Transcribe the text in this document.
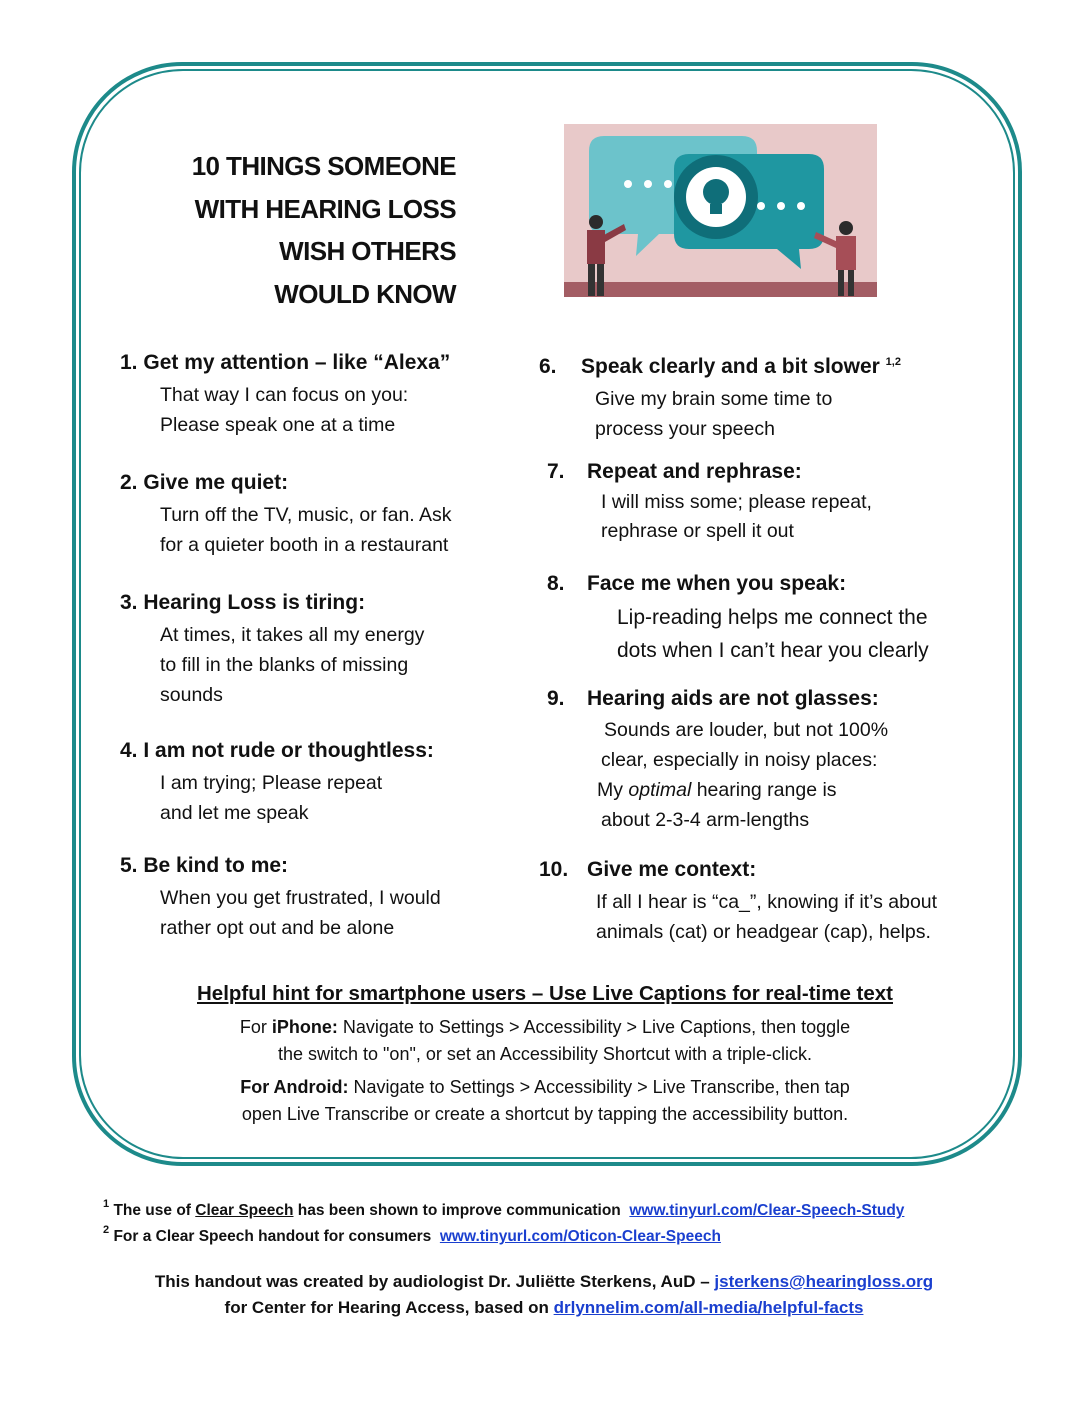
10 THINGS SOMEONE
WITH HEARING LOSS
WISH OTHERS
WOULD KNOW
1. Get my attention – like “Alexa”
That way I can focus on you:
Please speak one at a time
2. Give me quiet:
Turn off the TV, music, or fan. Ask
for a quieter booth in a restaurant
3. Hearing Loss is tiring:
At times, it takes all my energy
to fill in the blanks of missing
sounds
4. I am not rude or thoughtless:
I am trying; Please repeat
and let me speak
5. Be kind to me:
When you get frustrated, I would
rather opt out and be alone
6. Speak clearly and a bit slower $^{1,2}$
Give my brain some time to
process your speech
7. Repeat and rephrase:
I will miss some; please repeat,
rephrase or spell it out
8. Face me when you speak:
Lip-reading helps me connect the
dots when I can’t hear you clearly
9. Hearing aids are not glasses:
Sounds are louder, but not 100%
clear, especially in noisy places:
My optimal hearing range is
about 2-3-4 arm-lengths
10. Give me context:
If all I hear is “ca_”, knowing if it’s about
animals (cat) or headgear (cap), helps.
Helpful hint for smartphone users – Use Live Captions for real-time text
For iPhone: Navigate to Settings > Accessibility > Live Captions, then toggle
the switch to "on", or set an Accessibility Shortcut with a triple-click.
For Android: Navigate to Settings > Accessibility > Live Transcribe, then tap
open Live Transcribe or create a shortcut by tapping the accessibility button.
$^1$ The use of Clear Speech has been shown to improve communication  www.tinyurl.com/Clear-Speech-Study
$^2$ For a Clear Speech handout for consumers  www.tinyurl.com/Oticon-Clear-Speech
This handout was created by audiologist Dr. Juliëtte Sterkens, AuD – jsterkens@hearingloss.org
for Center for Hearing Access, based on drlynnelim.com/all-media/helpful-facts
